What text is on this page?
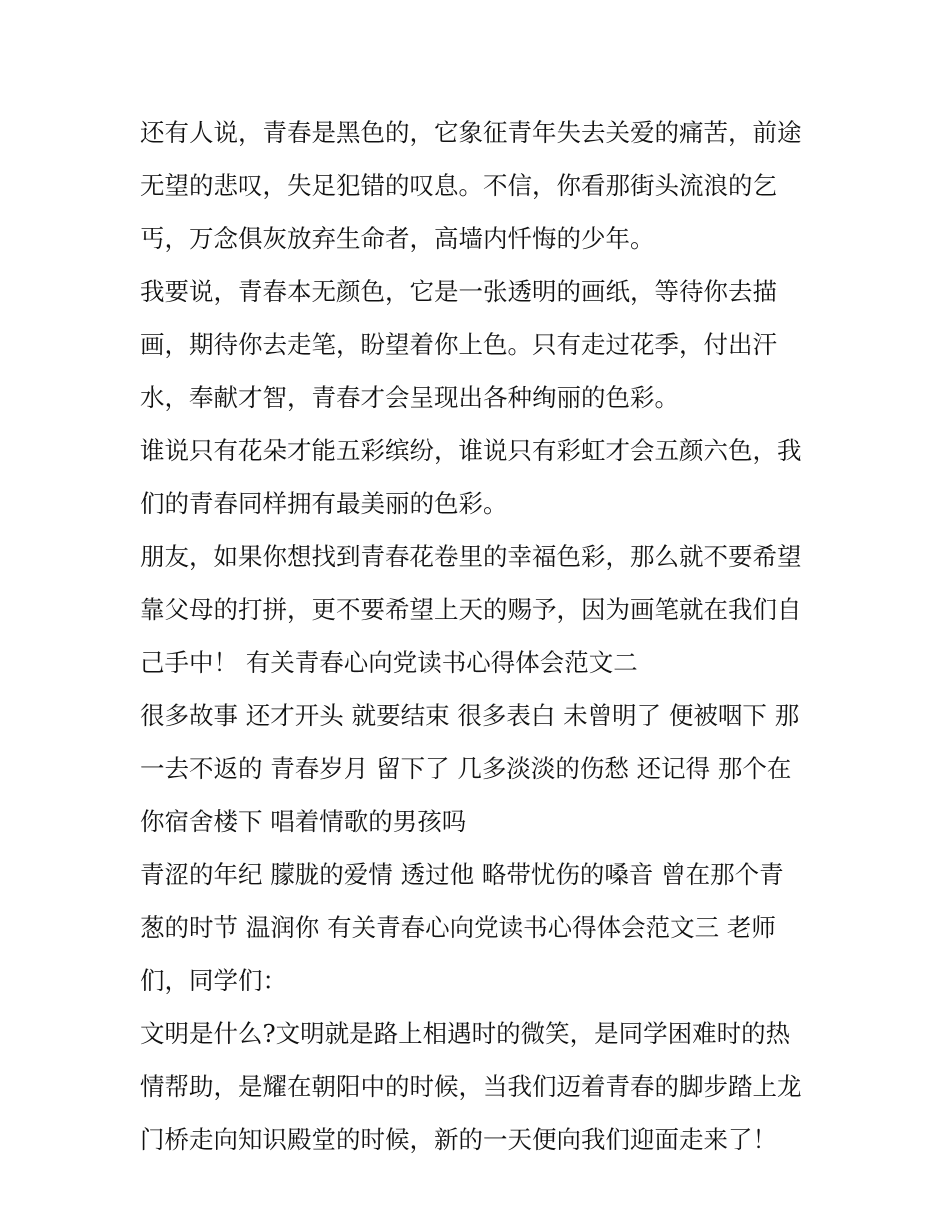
还有人说，青春是黑色的，它象征青年失去关爱的痛苦，前途
无望的悲叹，失足犯错的叹息。不信，你看那街头流浪的乞
丐，万念俱灰放弃生命者，高墙内忏悔的少年。
我要说，青春本无颜色，它是一张透明的画纸，等待你去描
画，期待你去走笔，盼望着你上色。只有走过花季，付出汗
水，奉献才智，青春才会呈现出各种绚丽的色彩。
谁说只有花朵才能五彩缤纷，谁说只有彩虹才会五颜六色，我
们的青春同样拥有最美丽的色彩。
朋友，如果你想找到青春花卷里的幸福色彩，那么就不要希望
靠父母的打拼，更不要希望上天的赐予，因为画笔就在我们自
己手中！ 有关青春心向党读书心得体会范文二
很多故事 还才开头 就要结束 很多表白 未曾明了 便被咽下 那
一去不返的 青春岁月 留下了 几多淡淡的伤愁 还记得 那个在
你宿舍楼下 唱着情歌的男孩吗
青涩的年纪 朦胧的爱情 透过他 略带忧伤的嗓音 曾在那个青
葱的时节 温润你 有关青春心向党读书心得体会范文三 老师
们，同学们：
文明是什么?文明就是路上相遇时的微笑，是同学困难时的热
情帮助，是耀在朝阳中的时候，当我们迈着青春的脚步踏上龙
门桥走向知识殿堂的时候，新的一天便向我们迎面走来了！
